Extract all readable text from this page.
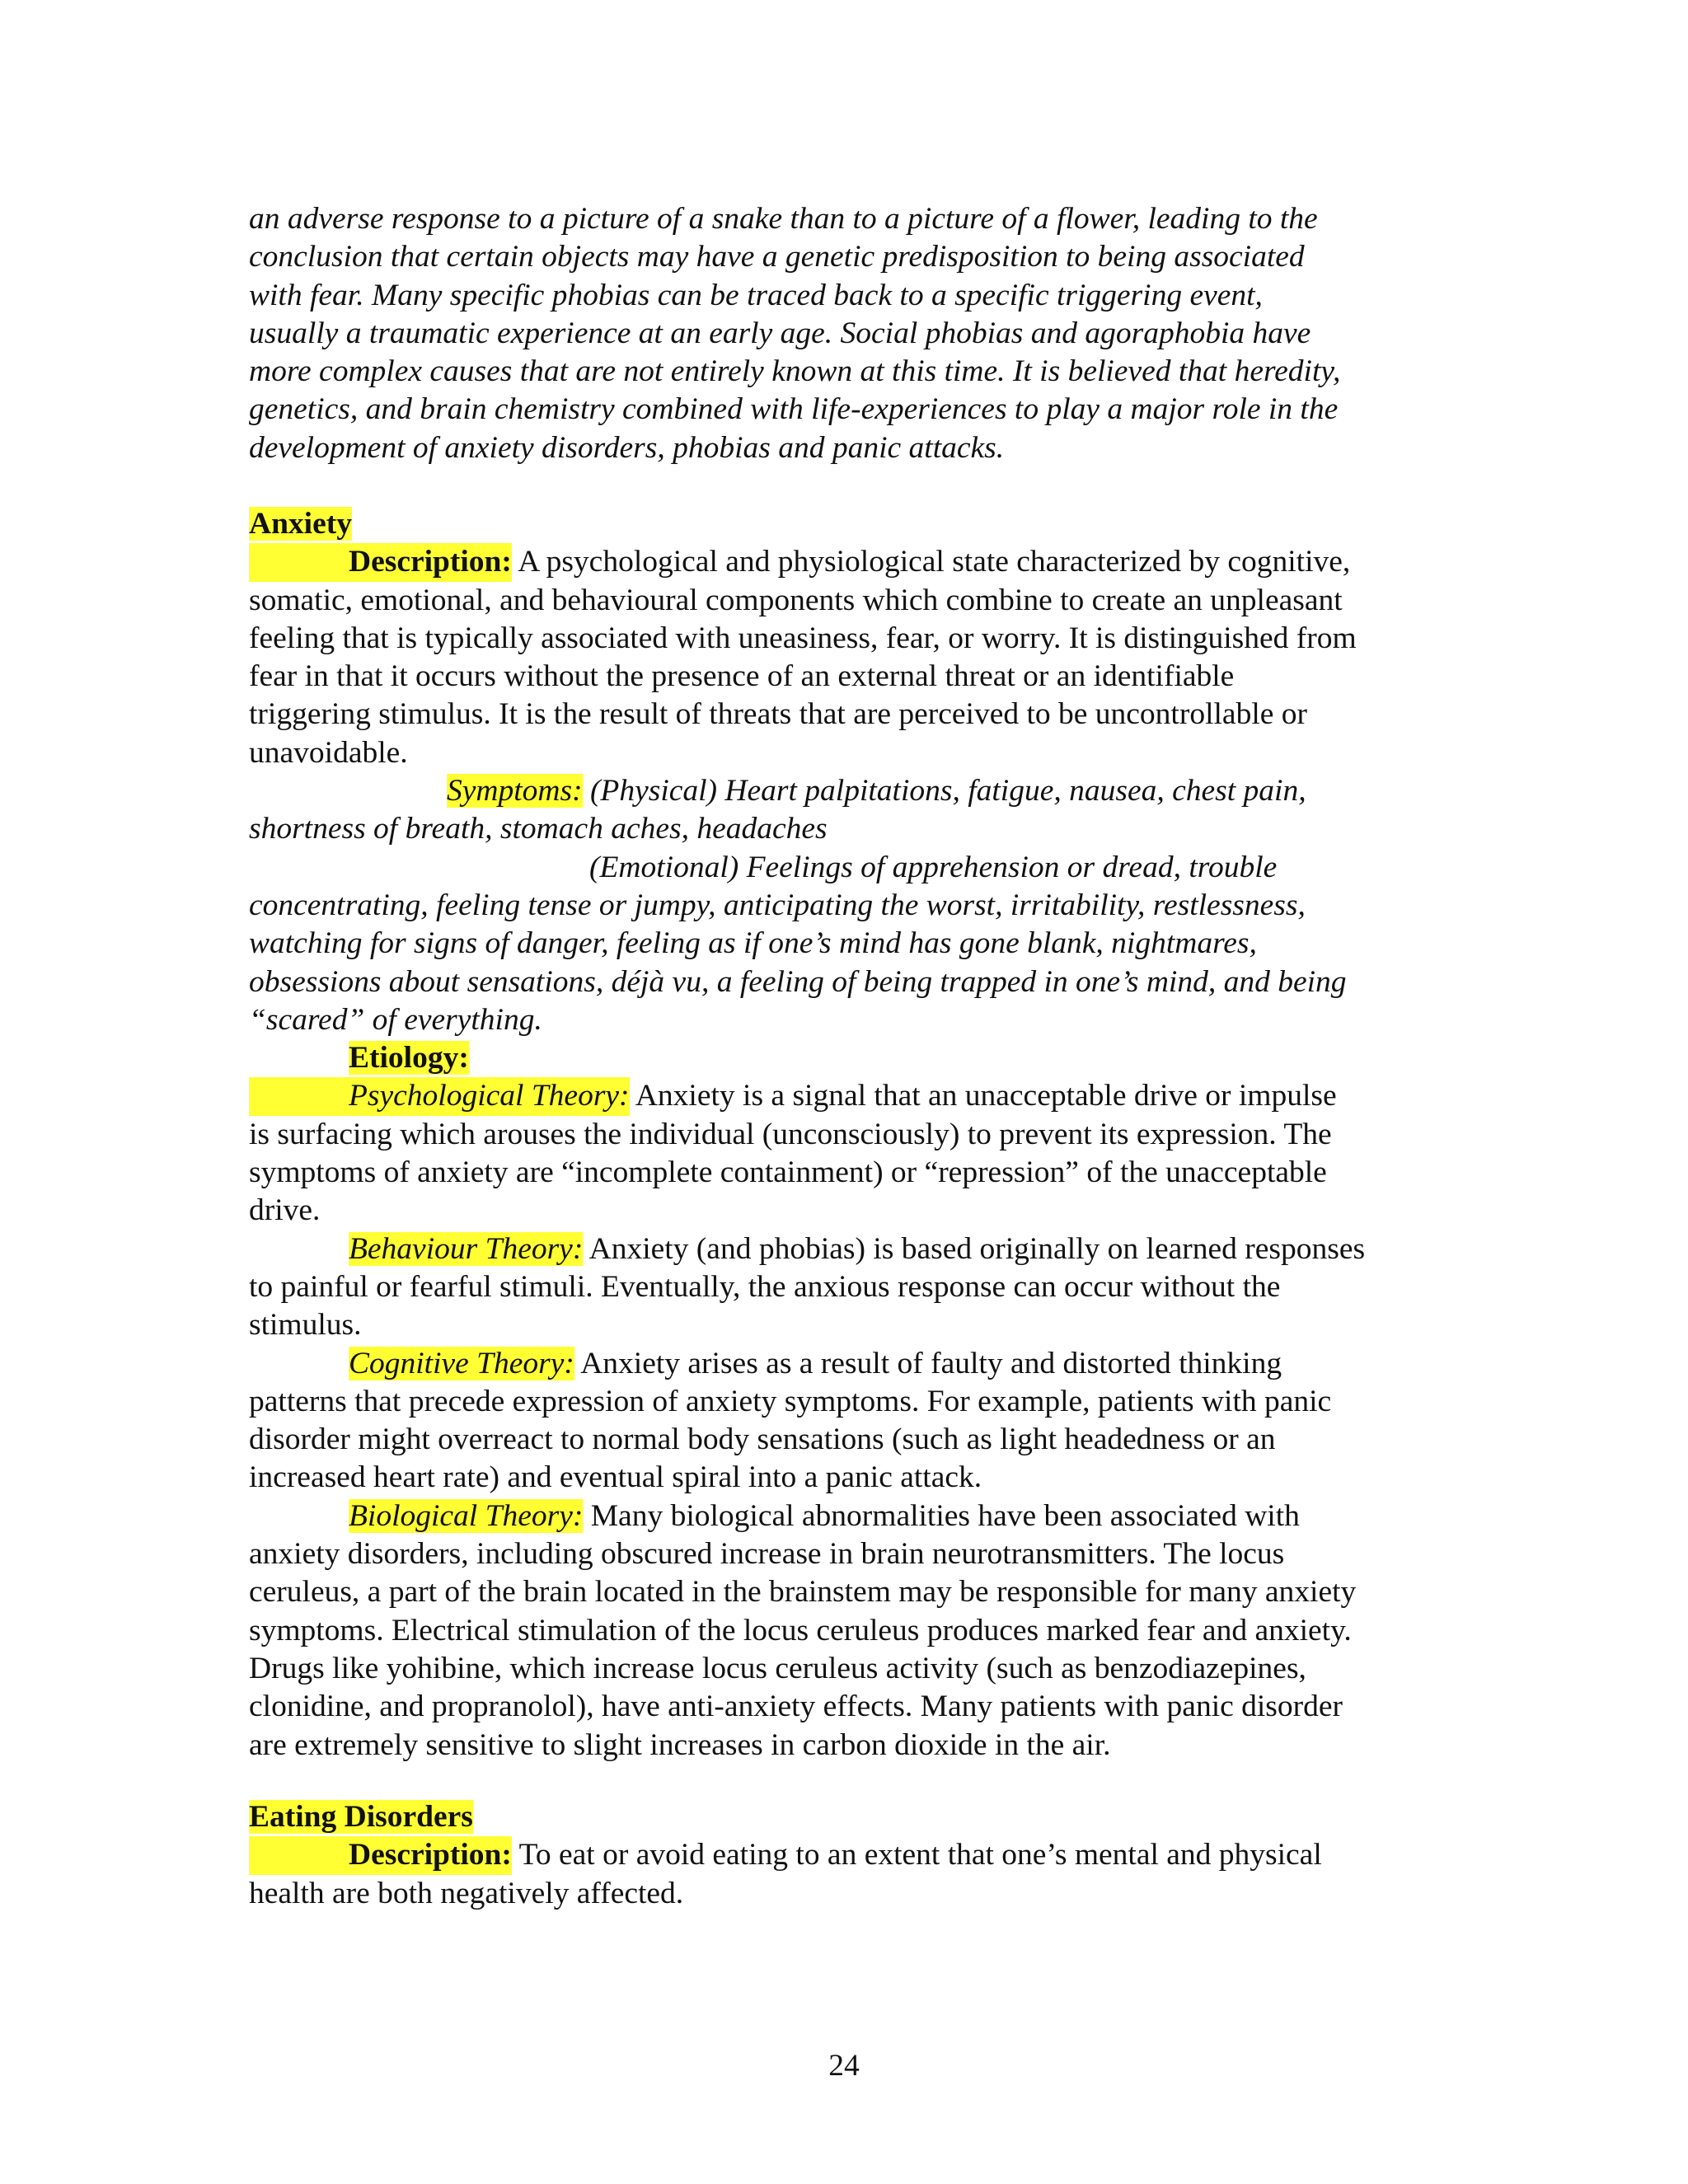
an adverse response to a picture of a snake than to a picture of a flower, leading to the
conclusion that certain objects may have a genetic predisposition to being associated
with fear. Many specific phobias can be traced back to a specific triggering event,
usually a traumatic experience at an early age. Social phobias and agoraphobia have
more complex causes that are not entirely known at this time. It is believed that heredity,
genetics, and brain chemistry combined with life-experiences to play a major role in the
development of anxiety disorders, phobias and panic attacks.
Anxiety
Description: A psychological and physiological state characterized by cognitive,
somatic, emotional, and behavioural components which combine to create an unpleasant
feeling that is typically associated with uneasiness, fear, or worry. It is distinguished from
fear in that it occurs without the presence of an external threat or an identifiable
triggering stimulus. It is the result of threats that are perceived to be uncontrollable or
unavoidable.
Symptoms: (Physical) Heart palpitations, fatigue, nausea, chest pain,
shortness of breath, stomach aches, headaches
(Emotional) Feelings of apprehension or dread, trouble
concentrating, feeling tense or jumpy, anticipating the worst, irritability, restlessness,
watching for signs of danger, feeling as if one’s mind has gone blank, nightmares,
obsessions about sensations, déjà vu, a feeling of being trapped in one’s mind, and being
“scared” of everything.
Etiology:
Psychological Theory: Anxiety is a signal that an unacceptable drive or impulse
is surfacing which arouses the individual (unconsciously) to prevent its expression. The
symptoms of anxiety are “incomplete containment) or “repression” of the unacceptable
drive.
Behaviour Theory: Anxiety (and phobias) is based originally on learned responses
to painful or fearful stimuli. Eventually, the anxious response can occur without the
stimulus.
Cognitive Theory: Anxiety arises as a result of faulty and distorted thinking
patterns that precede expression of anxiety symptoms. For example, patients with panic
disorder might overreact to normal body sensations (such as light headedness or an
increased heart rate) and eventual spiral into a panic attack.
Biological Theory: Many biological abnormalities have been associated with
anxiety disorders, including obscured increase in brain neurotransmitters. The locus
ceruleus, a part of the brain located in the brainstem may be responsible for many anxiety
symptoms. Electrical stimulation of the locus ceruleus produces marked fear and anxiety.
Drugs like yohibine, which increase locus ceruleus activity (such as benzodiazepines,
clonidine, and propranolol), have anti-anxiety effects. Many patients with panic disorder
are extremely sensitive to slight increases in carbon dioxide in the air.
Eating Disorders
Description: To eat or avoid eating to an extent that one’s mental and physical
health are both negatively affected.
24
